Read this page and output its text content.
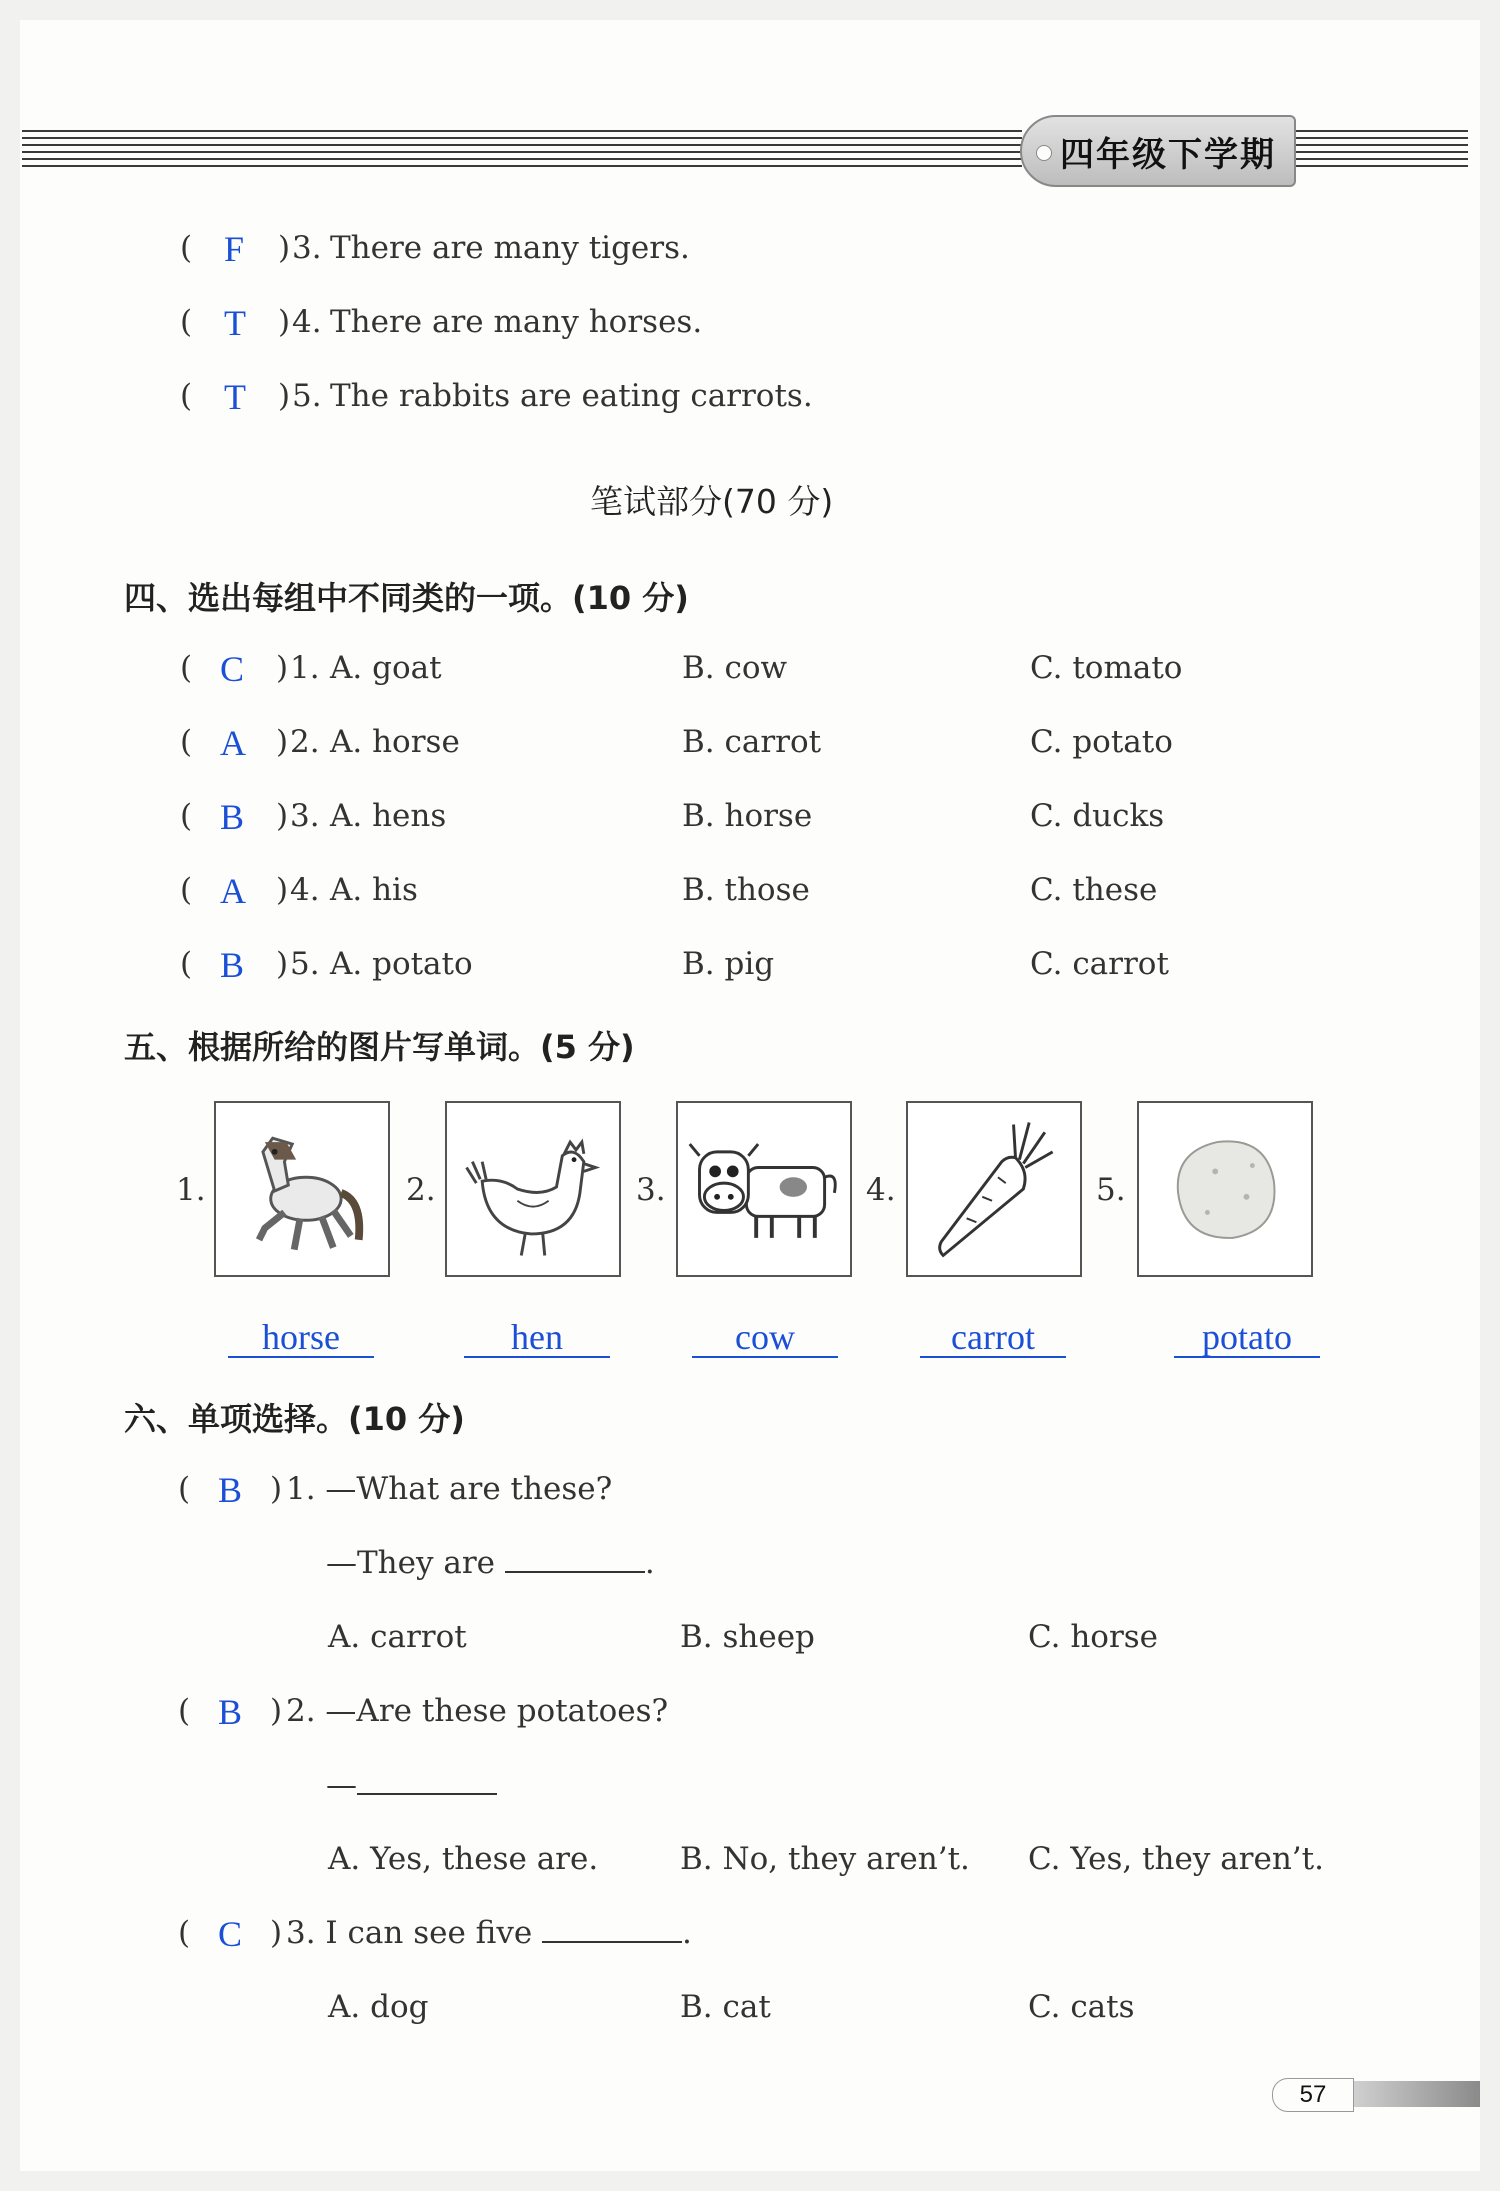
四年级下学期
( F ) 3. There are many tigers.
( T ) 4. There are many horses.
( T ) 5. The rabbits are eating carrots.
笔试部分(70 分)
四、选出每组中不同类的一项。(10 分)
( C ) 1. A. goat	B. cow	C. tomato
( A ) 2. A. horse	B. carrot	C. potato
( B ) 3. A. hens	B. horse	C. ducks
( A ) 4. A. his	B. those	C. these
( B ) 5. A. potato	B. pig	C. carrot
五、根据所给的图片写单词。(5 分)
1.	2.	3.	4.	5.
horse	hen	cow	carrot	potato
六、单项选择。(10 分)
( B ) 1. —What are these?
—They are	.
A. carrot	B. sheep	C. horse
( B ) 2. —Are these potatoes?
—
A. Yes, these are.	B. No, they aren’t. C. Yes, they aren’t.
( C ) 3. I can see five	.
A. dog	B. cat	C. cats
57
